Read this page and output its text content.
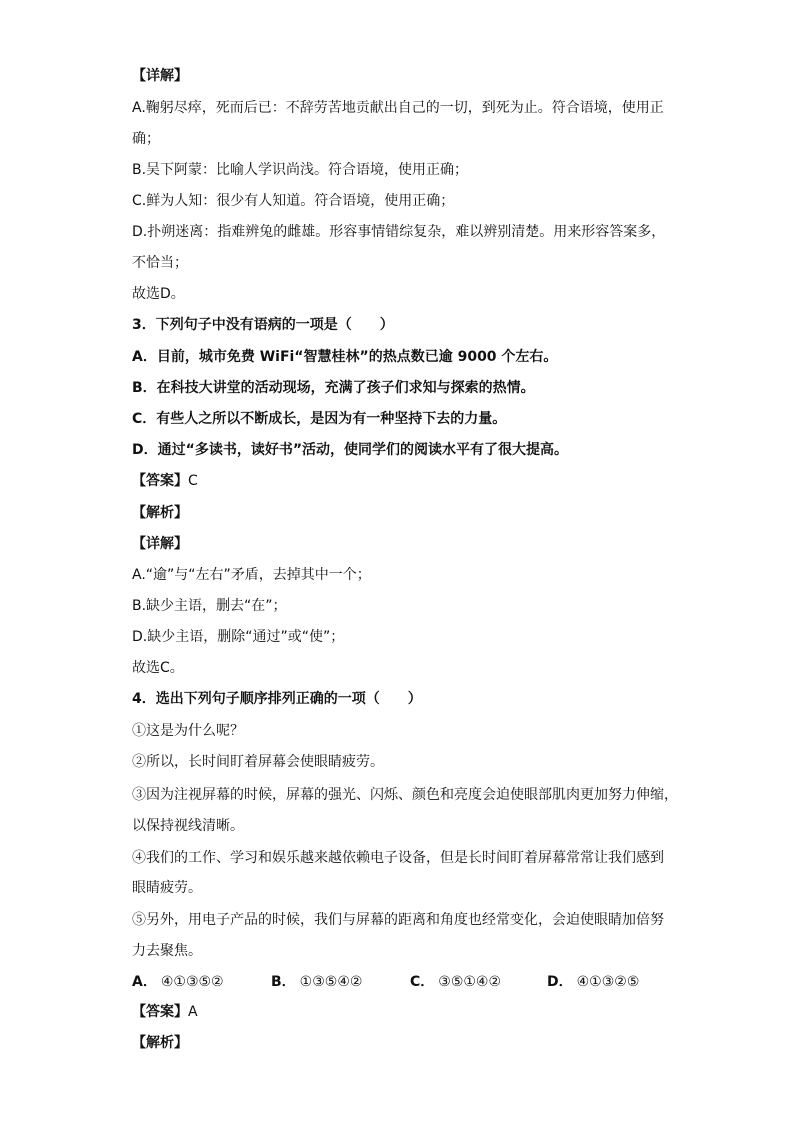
【详解】
A.鞠躬尽瘁，死而后已：不辞劳苦地贡献出自己的一切，到死为止。符合语境，使用正
确；
B.吴下阿蒙：比喻人学识尚浅。符合语境，使用正确；
C.鲜为人知：很少有人知道。符合语境，使用正确；
D.扑朔迷离：指难辨兔的雌雄。形容事情错综复杂，难以辨别清楚。用来形容答案多，
不恰当；
故选D。
3．下列句子中没有语病的一项是（　　）
A．目前，城市免费 WiFi“智慧桂林”的热点数已逾 9000 个左右。
B．在科技大讲堂的活动现场，充满了孩子们求知与探索的热情。
C．有些人之所以不断成长，是因为有一种坚持下去的力量。
D．通过“多读书，读好书”活动，使同学们的阅读水平有了很大提高。
【答案】C
【解析】
【详解】
A.“逾”与“左右”矛盾，去掉其中一个；
B.缺少主语，删去“在”；
D.缺少主语，删除“通过”或“使”；
故选C。
4．选出下列句子顺序排列正确的一项（　　）
①这是为什么呢？
②所以，长时间盯着屏幕会使眼睛疲劳。
③因为注视屏幕的时候，屏幕的强光、闪烁、颜色和亮度会迫使眼部肌肉更加努力伸缩，
以保持视线清晰。
④我们的工作、学习和娱乐越来越依赖电子设备，但是长时间盯着屏幕常常让我们感到
眼睛疲劳。
⑤另外，用电子产品的时候，我们与屏幕的距离和角度也经常变化，会迫使眼睛加倍努
力去聚焦。
A． ④①③⑤②	B． ①③⑤④②	C． ③⑤①④②	D． ④①③②⑤
【答案】A
【解析】
